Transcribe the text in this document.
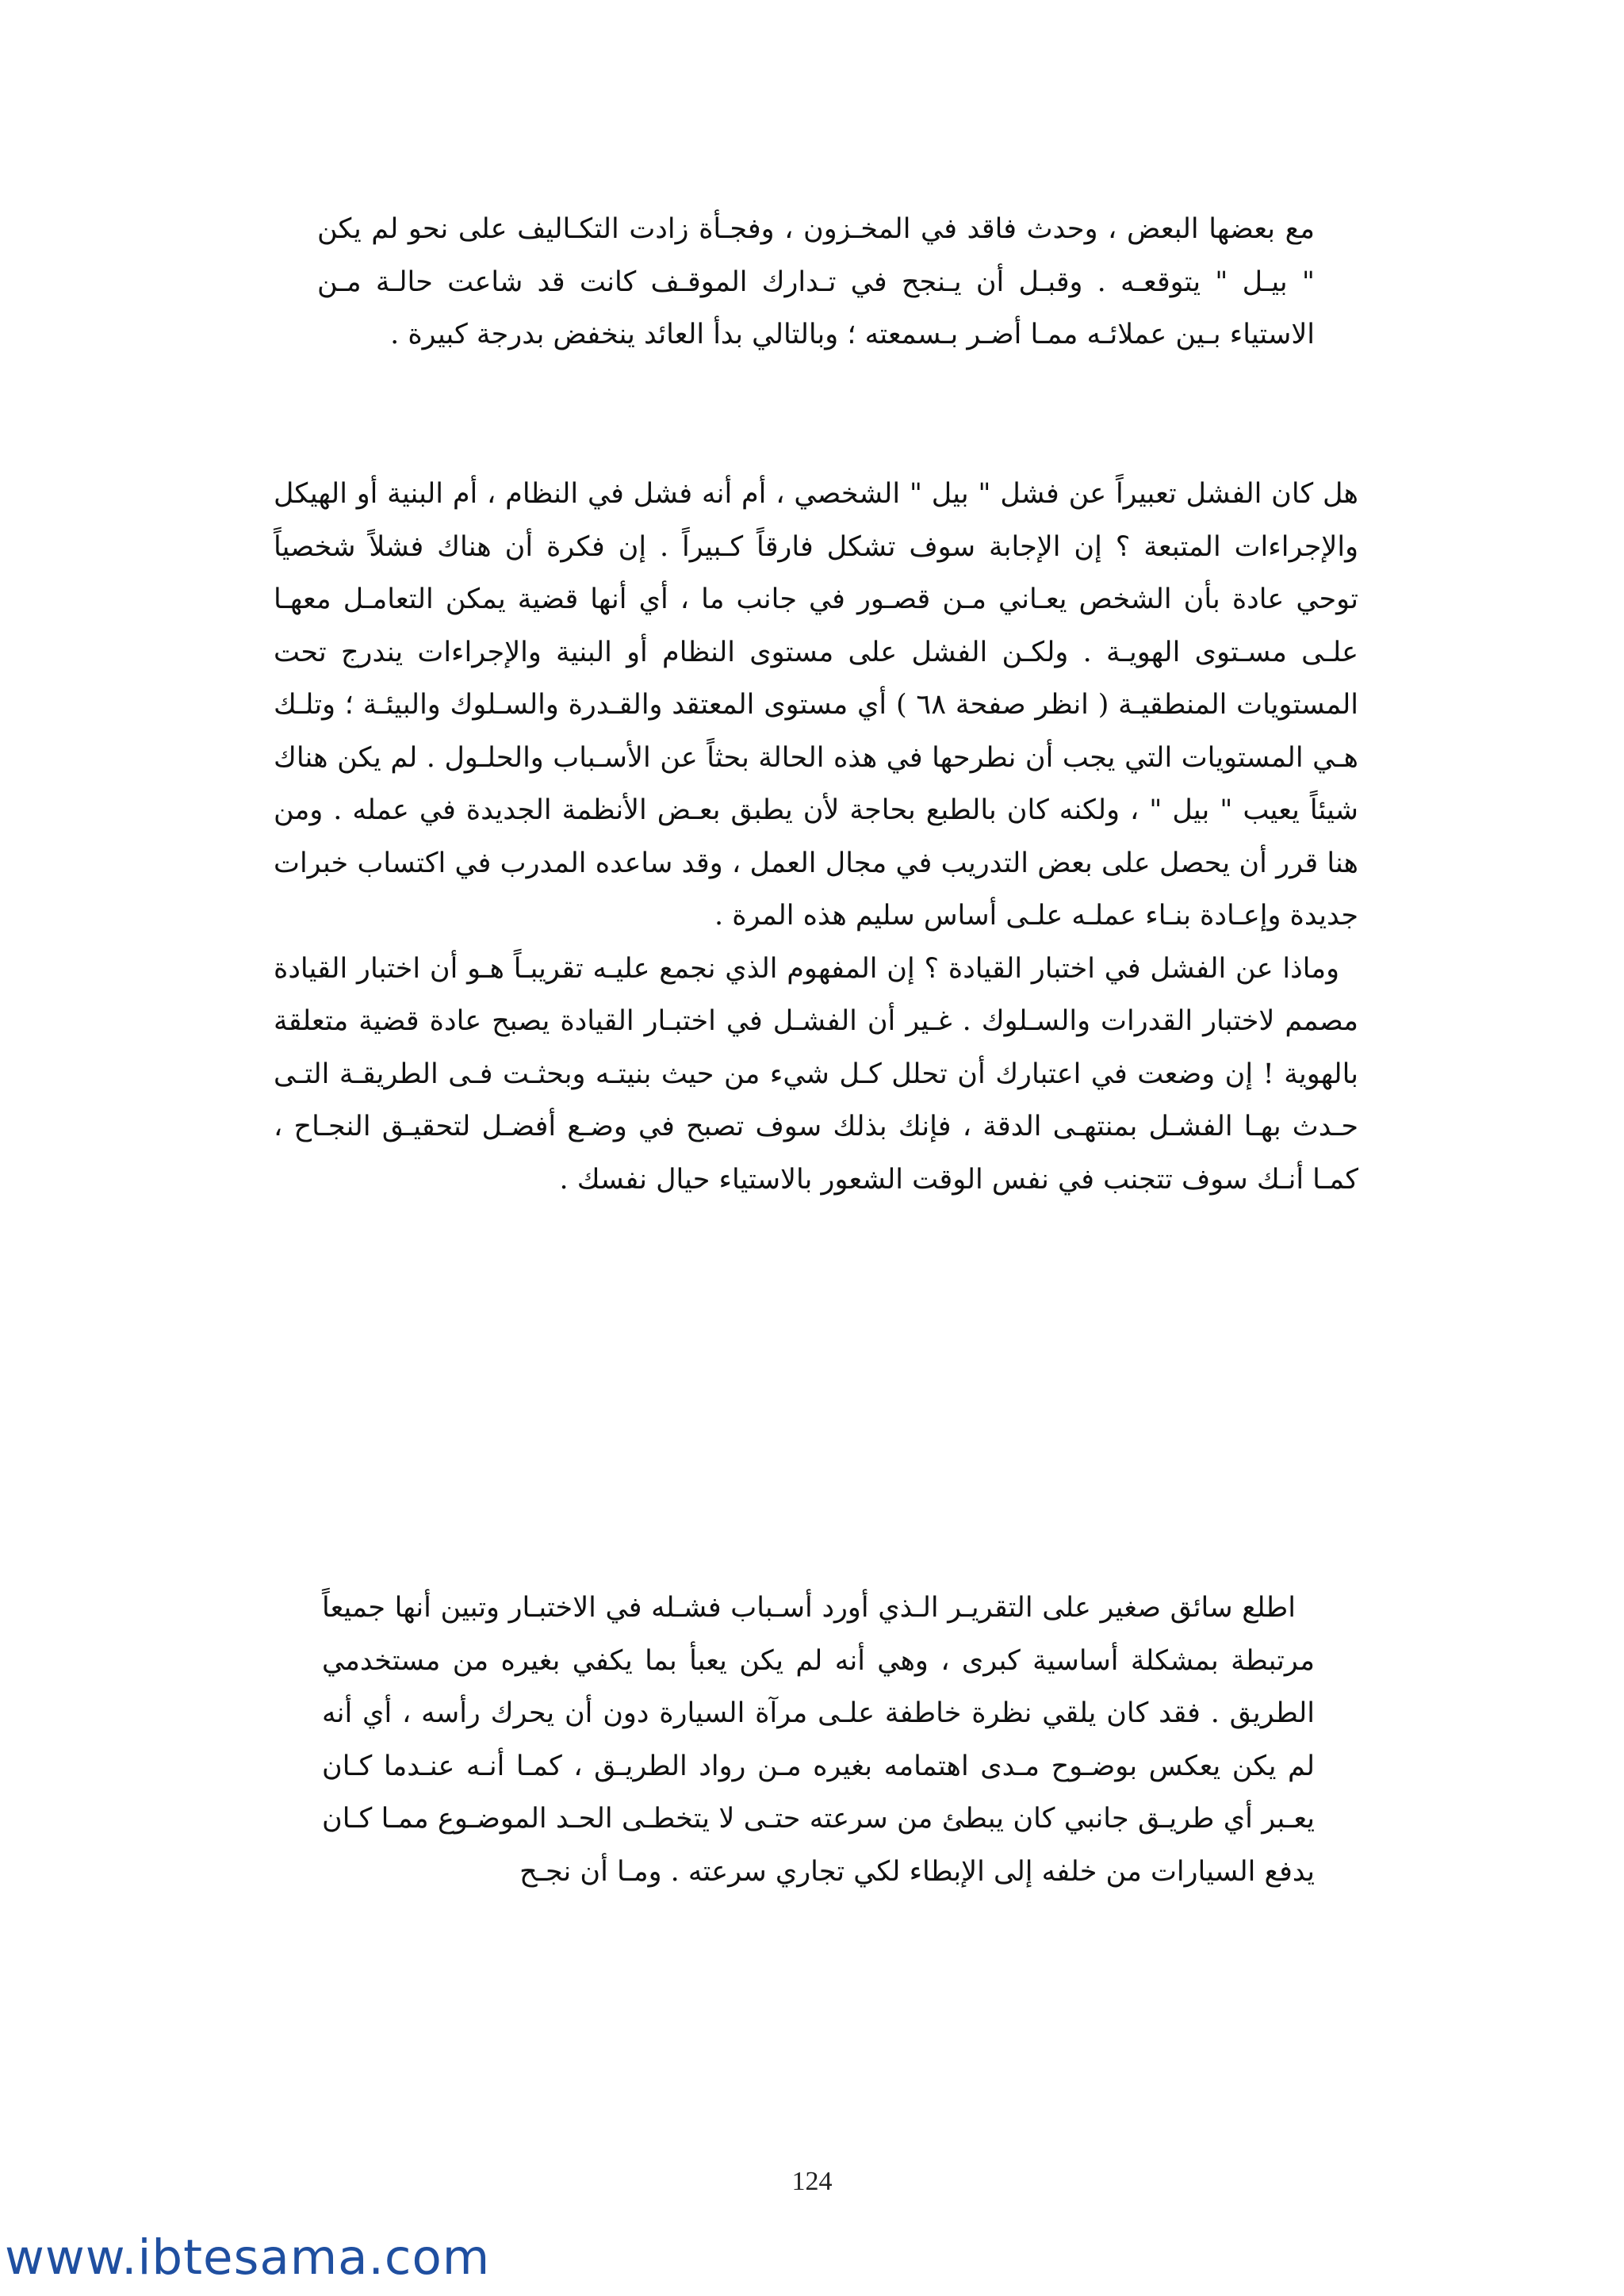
مع بعضها البعض ، وحدث فاقد في المخـزون ، وفجـأة زادت التكـاليف على نحو لم يكن " بيـل " يتوقعـه . وقبـل أن يـنجح في تـدارك الموقـف كانت قد شاعت حالـة مـن الاستياء بـين عملائـه ممـا أضـر بـسمعته ؛ وبالتالي بدأ العائد ينخفض بدرجة كبيرة .

هل كان الفشل تعبيراً عن فشل " بيل " الشخصي ، أم أنه فشل في النظام ، أم البنية أو الهيكل والإجراءات المتبعة ؟ إن الإجابة سوف تشكل فارقاً كـبيراً . إن فكرة أن هناك فشلاً شخصياً توحي عادة بأن الشخص يعـاني مـن قصـور في جانب ما ، أي أنها قضية يمكن التعامـل معهـا علـى مسـتوى الهويـة . ولكـن الفشل على مستوى النظام أو البنية والإجراءات يندرج تحت المستويات المنطقيـة ( انظر صفحة ٦٨ ) أي مستوى المعتقد والقـدرة والسـلوك والبيئـة ؛ وتلـك هـي المستويات التي يجب أن نطرحها في هذه الحالة بحثاً عن الأسـباب والحلـول . لم يكن هناك شيئاً يعيب " بيل " ، ولكنه كان بالطبع بحاجة لأن يطبق بعـض الأنظمة الجديدة في عمله . ومن هنا قرر أن يحصل على بعض التدريب في مجال العمل ، وقد ساعده المدرب في اكتساب خبرات جديدة وإعـادة بنـاء عملـه علـى أساس سليم هذه المرة .

وماذا عن الفشل في اختبار القيادة ؟ إن المفهوم الذي نجمع عليـه تقريبـاً هـو أن اختبار القيادة مصمم لاختبار القدرات والسـلوك . غـير أن الفشـل في اختبـار القيادة يصبح عادة قضية متعلقة بالهوية ! إن وضعت في اعتبارك أن تحلل كـل شيء من حيث بنيتـه وبحثـت فـى الطريقـة التـى حـدث بهـا الفشـل بمنتهـى الدقة ، فإنك بذلك سوف تصبح في وضـع أفضـل لتحقيـق النجـاح ، كمـا أنـك سوف تتجنب في نفس الوقت الشعور بالاستياء حيال نفسك .

اطلع سائق صغير على التقريـر الـذي أورد أسـباب فشـله في الاختبـار وتبين أنها جميعاً مرتبطة بمشكلة أساسية كبرى ، وهي أنه لم يكن يعبأ بما يكفي بغيره من مستخدمي الطريق . فقد كان يلقي نظرة خاطفة علـى مرآة السيارة دون أن يحرك رأسه ، أي أنه لم يكن يعكس بوضـوح مـدى اهتمامه بغيره مـن رواد الطريـق ، كمـا أنـه عنـدما كـان يعـبر أي طريـق جانبي كان يبطئ من سرعته حتـى لا يتخطـى الحـد الموضـوع ممـا كـان يدفع السيارات من خلفه إلى الإبطاء لكي تجاري سرعته . ومـا أن نجـح

124
www.ibtesama.com
